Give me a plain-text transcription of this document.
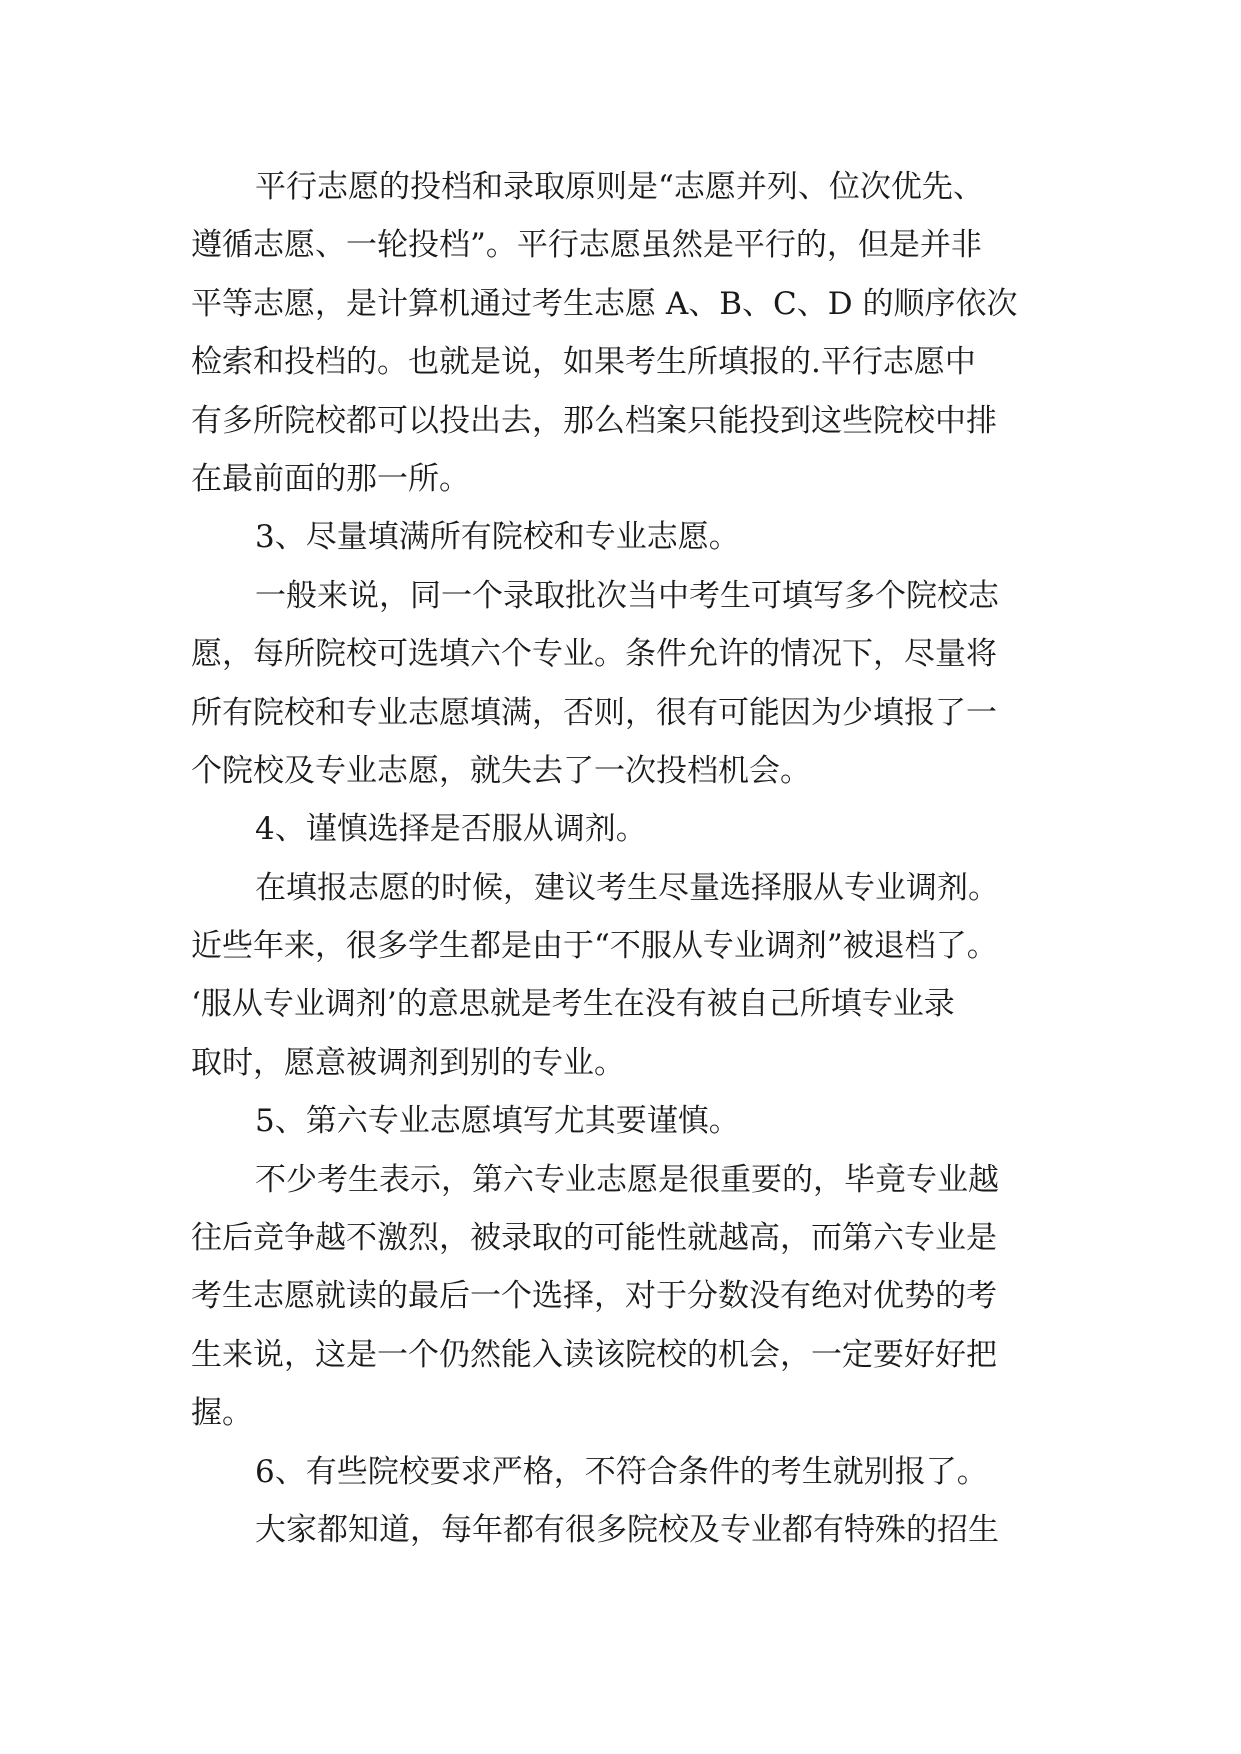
平行志愿的投档和录取原则是“志愿并列、位次优先、
遵循志愿、一轮投档”。平行志愿虽然是平行的，但是并非
平等志愿，是计算机通过考生志愿 A、B、C、D 的顺序依次
检索和投档的。也就是说，如果考生所填报的.平行志愿中
有多所院校都可以投出去，那么档案只能投到这些院校中排
在最前面的那一所。
3、尽量填满所有院校和专业志愿。
一般来说，同一个录取批次当中考生可填写多个院校志
愿，每所院校可选填六个专业。条件允许的情况下，尽量将
所有院校和专业志愿填满，否则，很有可能因为少填报了一
个院校及专业志愿，就失去了一次投档机会。
4、谨慎选择是否服从调剂。
在填报志愿的时候，建议考生尽量选择服从专业调剂。
近些年来，很多学生都是由于“不服从专业调剂”被退档了。
‘服从专业调剂’的意思就是考生在没有被自己所填专业录
取时，愿意被调剂到别的专业。
5、第六专业志愿填写尤其要谨慎。
不少考生表示，第六专业志愿是很重要的，毕竟专业越
往后竞争越不激烈，被录取的可能性就越高，而第六专业是
考生志愿就读的最后一个选择，对于分数没有绝对优势的考
生来说，这是一个仍然能入读该院校的机会，一定要好好把
握。
6、有些院校要求严格，不符合条件的考生就别报了。
大家都知道，每年都有很多院校及专业都有特殊的招生
